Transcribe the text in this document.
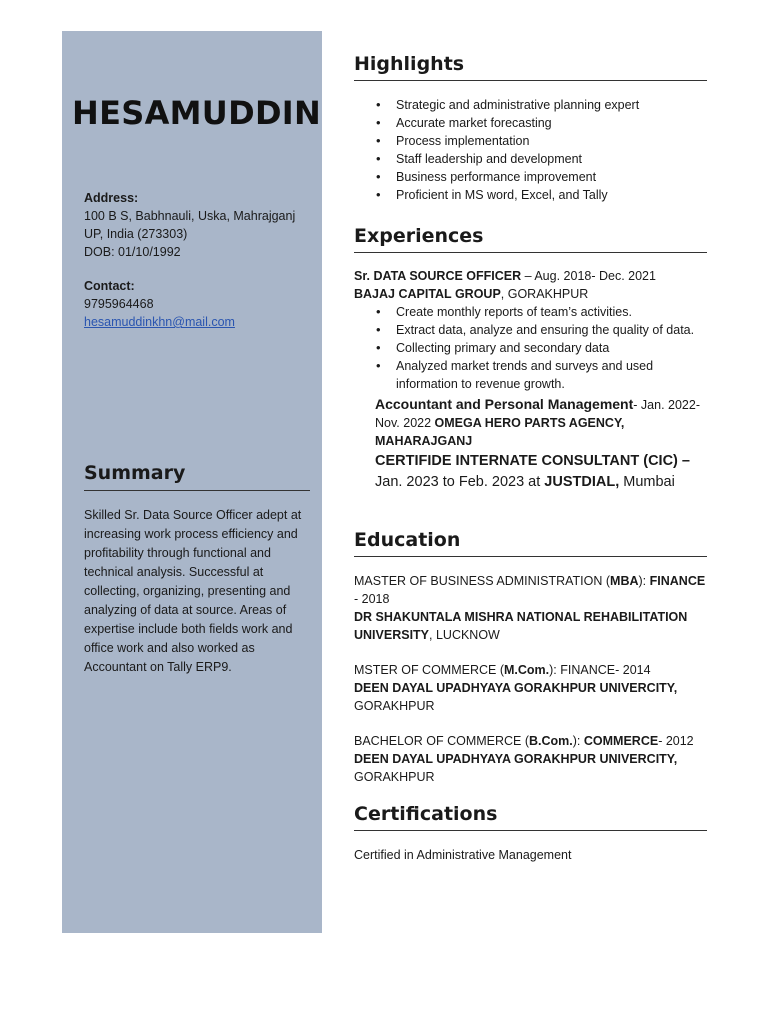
HESAMUDDIN
Address:
100 B S, Babhnauli, Uska, Mahrajganj
UP, India (273303)
DOB: 01/10/1992
Contact:
9795964468
hesamuddinkhn@mail.com
Summary
Skilled Sr. Data Source Officer adept at increasing work process efficiency and profitability through functional and technical analysis. Successful at collecting, organizing, presenting and analyzing of data at source. Areas of expertise include both fields work and office work and also worked as Accountant on Tally ERP9.
Highlights
• Strategic and administrative planning expert
• Accurate market forecasting
• Process implementation
• Staff leadership and development
• Business performance improvement
• Proficient in MS word, Excel, and Tally
Experiences
Sr. DATA SOURCE OFFICER – Aug. 2018- Dec. 2021
BAJAJ CAPITAL GROUP, GORAKHPUR
• Create monthly reports of team’s activities.
• Extract data, analyze and ensuring the quality of data.
• Collecting primary and secondary data
• Analyzed market trends and surveys and used information to revenue growth.
Accountant and Personal Management- Jan. 2022- Nov. 2022 OMEGA HERO PARTS AGENCY, MAHARAJGANJ
CERTIFIDE INTERNATE CONSULTANT (CIC) – Jan. 2023 to Feb. 2023 at JUSTDIAL, Mumbai
Education
MASTER OF BUSINESS ADMINISTRATION (MBA): FINANCE - 2018
DR SHAKUNTALA MISHRA NATIONAL REHABILITATION UNIVERSITY, LUCKNOW
MSTER OF COMMERCE (M.Com.): FINANCE- 2014
DEEN DAYAL UPADHYAYA GORAKHPUR UNIVERCITY,
GORAKHPUR
BACHELOR OF COMMERCE (B.Com.): COMMERCE- 2012
DEEN DAYAL UPADHYAYA GORAKHPUR UNIVERCITY,
GORAKHPUR
Certifications
Certified in Administrative Management
